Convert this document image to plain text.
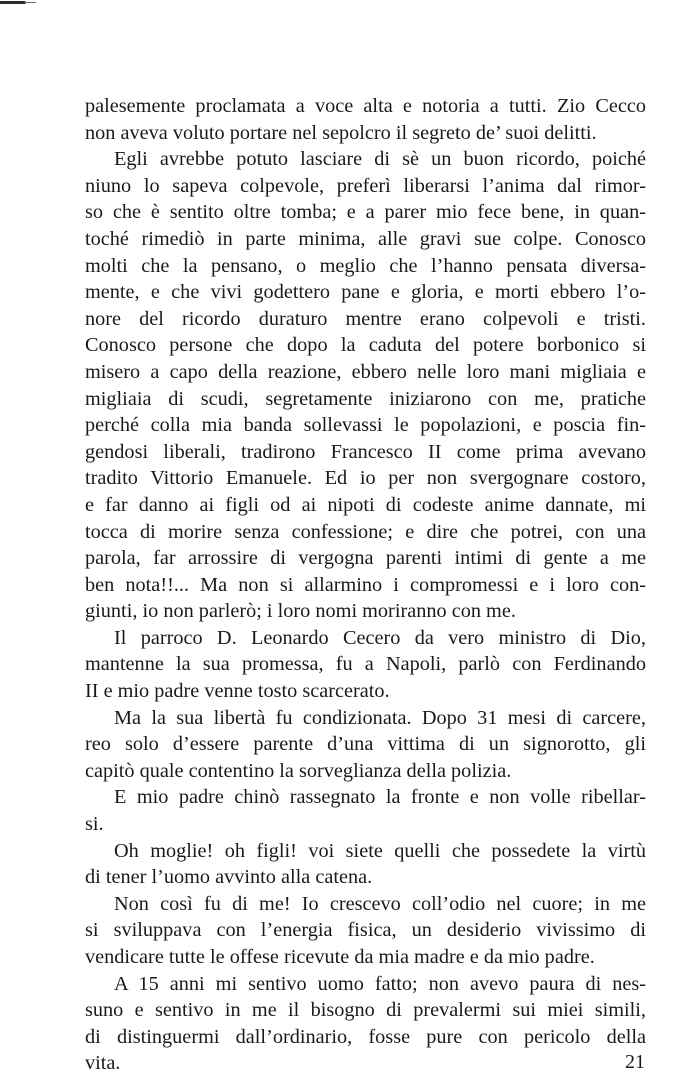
palesemente proclamata a voce alta e notoria a tutti. Zio Cecco
non aveva voluto portare nel sepolcro il segreto de’ suoi delitti.
Egli avrebbe potuto lasciare di sè un buon ricordo, poiché
niuno lo sapeva colpevole, preferì liberarsi l’anima dal rimor-
so che è sentito oltre tomba; e a parer mio fece bene, in quan-
toché rimediò in parte minima, alle gravi sue colpe. Conosco
molti che la pensano, o meglio che l’hanno pensata diversa-
mente, e che vivi godettero pane e gloria, e morti ebbero l’o-
nore del ricordo duraturo mentre erano colpevoli e tristi.
Conosco persone che dopo la caduta del potere borbonico si
misero a capo della reazione, ebbero nelle loro mani migliaia e
migliaia di scudi, segretamente iniziarono con me, pratiche
perché colla mia banda sollevassi le popolazioni, e poscia fin-
gendosi liberali, tradirono Francesco II come prima avevano
tradito Vittorio Emanuele. Ed io per non svergognare costoro,
e far danno ai figli od ai nipoti di codeste anime dannate, mi
tocca di morire senza confessione; e dire che potrei, con una
parola, far arrossire di vergogna parenti intimi di gente a me
ben nota!!... Ma non si allarmino i compromessi e i loro con-
giunti, io non parlerò; i loro nomi moriranno con me.
Il parroco D. Leonardo Cecero da vero ministro di Dio,
mantenne la sua promessa, fu a Napoli, parlò con Ferdinando
II e mio padre venne tosto scarcerato.
Ma la sua libertà fu condizionata. Dopo 31 mesi di carcere,
reo solo d’essere parente d’una vittima di un signorotto, gli
capitò quale contentino la sorveglianza della polizia.
E mio padre chinò rassegnato la fronte e non volle ribellar-
si.
Oh moglie! oh figli! voi siete quelli che possedete la virtù
di tener l’uomo avvinto alla catena.
Non così fu di me! Io crescevo coll’odio nel cuore; in me
si sviluppava con l’energia fisica, un desiderio vivissimo di
vendicare tutte le offese ricevute da mia madre e da mio padre.
A 15 anni mi sentivo uomo fatto; non avevo paura di nes-
suno e sentivo in me il bisogno di prevalermi sui miei simili,
di distinguermi dall’ordinario, fosse pure con pericolo della
vita.	21
